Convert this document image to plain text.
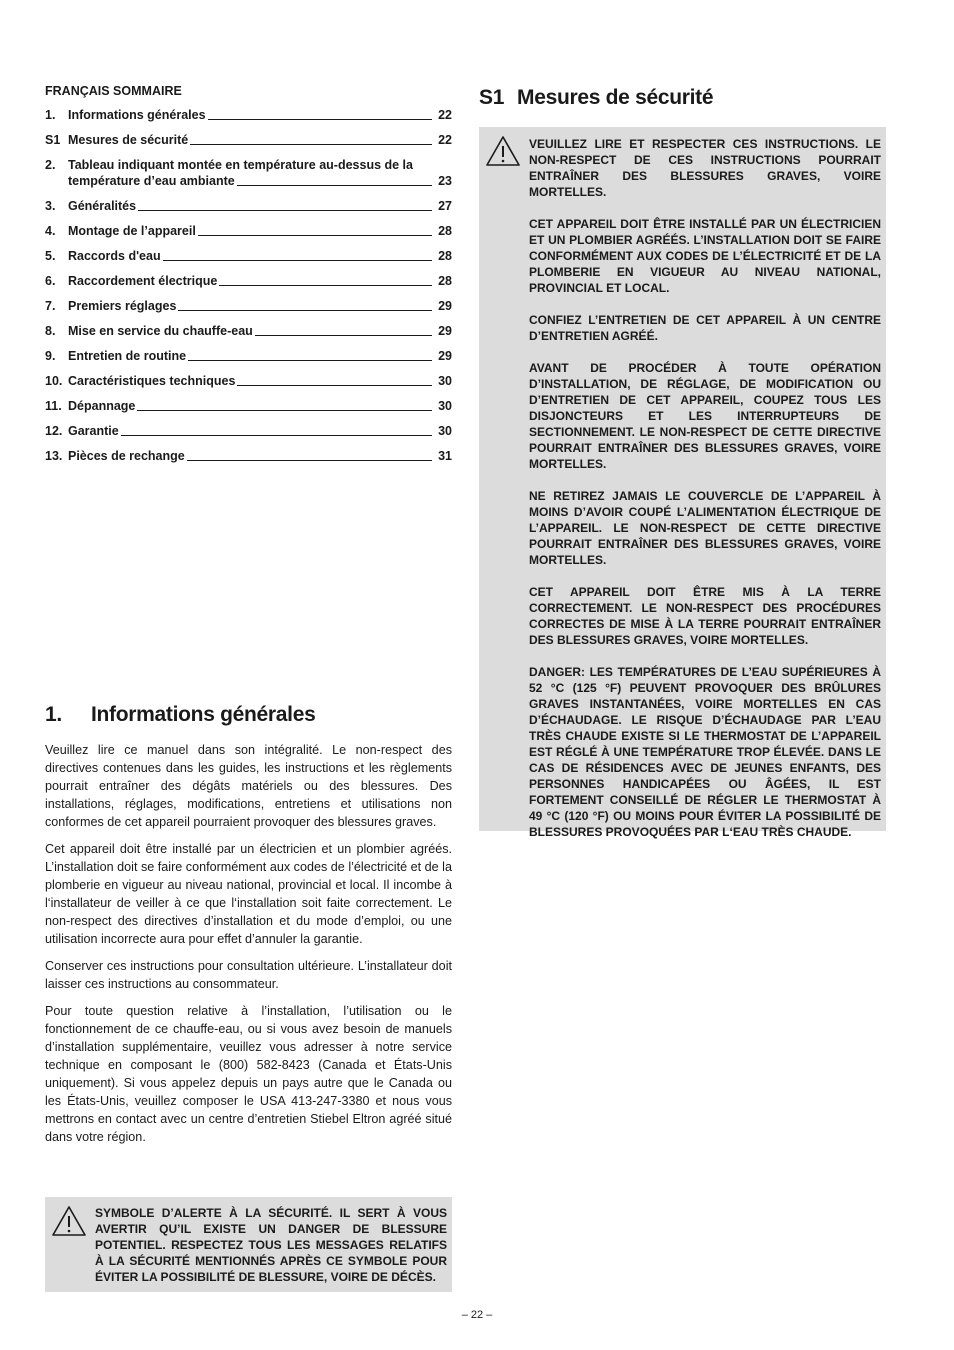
FRANÇAIS SOMMAIRE
1.	Informations générales	22
S1 Mesures de sécurité	22
2.	Tableau indiquant montée en température au-dessus de la
température d’eau ambiante	23
3.	Généralités	27
4.	Montage de l’appareil	28
5.	Raccords d'eau	28
6.	Raccordement électrique	28
7.	Premiers réglages	29
8.	Mise en service du chauffe-eau	29
9.	Entretien de routine	29
10. Caractéristiques techniques	30
11. Dépannage	30
12. Garantie	30
13. Pièces de rechange	31
1.	Informations générales

Veuillez lire ce manuel dans son intégralité. Le non-respect des directives contenues dans les guides, les instructions et les règlements pourrait entraîner des dégâts matériels ou des blessures. Des installations, réglages, modifications, entretiens et utilisations non conformes de cet appareil pourraient provoquer des blessures graves.

Cet appareil doit être installé par un électricien et un plombier agréés. L’installation doit se faire conformément aux codes de l’électricité et de la plomberie en vigueur au niveau national, provincial et local. Il incombe à l‘installateur de veiller à ce que l‘installation soit faite correctement. Le non-respect des directives d’installation et du mode d’emploi, ou une utilisation incorrecte aura pour effet d’annuler la garantie.

Conserver ces instructions pour consultation ultérieure. L’installateur doit laisser ces instructions au consommateur.

Pour toute question relative à l’installation, l’utilisation ou le fonctionnement de ce chauffe-eau, ou si vous avez besoin de manuels d’installation supplémentaire, veuillez vous adresser à notre service technique en composant le (800) 582-8423 (Canada et États-Unis uniquement). Si vous appelez depuis un pays autre que le Canada ou les États-Unis, veuillez composer le USA 413-247-3380 et nous vous mettrons en contact avec un centre d’entretien Stiebel Eltron agréé situé dans votre région.

SYMBOLE D’ALERTE À LA SÉCURITÉ. IL SERT À VOUS AVERTIR QU’IL EXISTE UN DANGER DE BLESSURE POTENTIEL. RESPECTEZ TOUS LES MESSAGES RELATIFS À LA SÉCURITÉ MENTIONNÉS APRÈS CE SYMBOLE POUR ÉVITER LA POSSIBILITÉ DE BLESSURE, VOIRE DE DÉCÈS.
S1 Mesures de sécurité

VEUILLEZ LIRE ET RESPECTER CES INSTRUCTIONS. LE NON-RESPECT DE CES INSTRUCTIONS POURRAIT ENTRAÎNER DES BLESSURES GRAVES, VOIRE MORTELLES.

CET APPAREIL DOIT ÊTRE INSTALLÉ PAR UN ÉLECTRICIEN ET UN PLOMBIER AGRÉÉS. L’INSTALLATION DOIT SE FAIRE CONFORMÉMENT AUX CODES DE L’ÉLECTRICITÉ ET DE LA PLOMBERIE EN VIGUEUR AU NIVEAU NATIONAL, PROVINCIAL ET LOCAL.

CONFIEZ L’ENTRETIEN DE CET APPAREIL À UN CENTRE D’ENTRETIEN AGRÉÉ.

AVANT DE PROCÉDER À TOUTE OPÉRATION D’INSTALLATION, DE RÉGLAGE, DE MODIFICATION OU D’ENTRETIEN DE CET APPAREIL, COUPEZ TOUS LES DISJONCTEURS ET LES INTERRUPTEURS DE SECTIONNEMENT. LE NON-RESPECT DE CETTE DIRECTIVE POURRAIT ENTRAÎNER DES BLESSURES GRAVES, VOIRE MORTELLES.

NE RETIREZ JAMAIS LE COUVERCLE DE L’APPAREIL À MOINS D’AVOIR COUPÉ L’ALIMENTATION ÉLECTRIQUE DE L’APPAREIL. LE NON-RESPECT DE CETTE DIRECTIVE POURRAIT ENTRAÎNER DES BLESSURES GRAVES, VOIRE MORTELLES.

CET APPAREIL DOIT ÊTRE MIS À LA TERRE CORRECTEMENT. LE NON-RESPECT DES PROCÉDURES CORRECTES DE MISE À LA TERRE POURRAIT ENTRAÎNER DES BLESSURES GRAVES, VOIRE MORTELLES.

DANGER: LES TEMPÉRATURES DE L’EAU SUPÉRIEURES À 52 °C (125 °F) PEUVENT PROVOQUER DES BRÛLURES GRAVES INSTANTANÉES, VOIRE MORTELLES EN CAS D’ÉCHAUDAGE. LE RISQUE D’ÉCHAUDAGE PAR L’EAU TRÈS CHAUDE EXISTE SI LE THERMOSTAT DE L’APPAREIL EST RÉGLÉ À UNE TEMPÉRATURE TROP ÉLEVÉE. DANS LE CAS DE RÉSIDENCES AVEC DE JEUNES ENFANTS, DES PERSONNES HANDICAPÉES OU ÂGÉES, IL EST FORTEMENT CONSEILLÉ DE RÉGLER LE THERMOSTAT À 49 °C (120 °F) OU MOINS POUR ÉVITER LA POSSIBILITÉ DE BLESSURES PROVOQUÉES PAR L‘EAU TRÈS CHAUDE.

– 22 –
